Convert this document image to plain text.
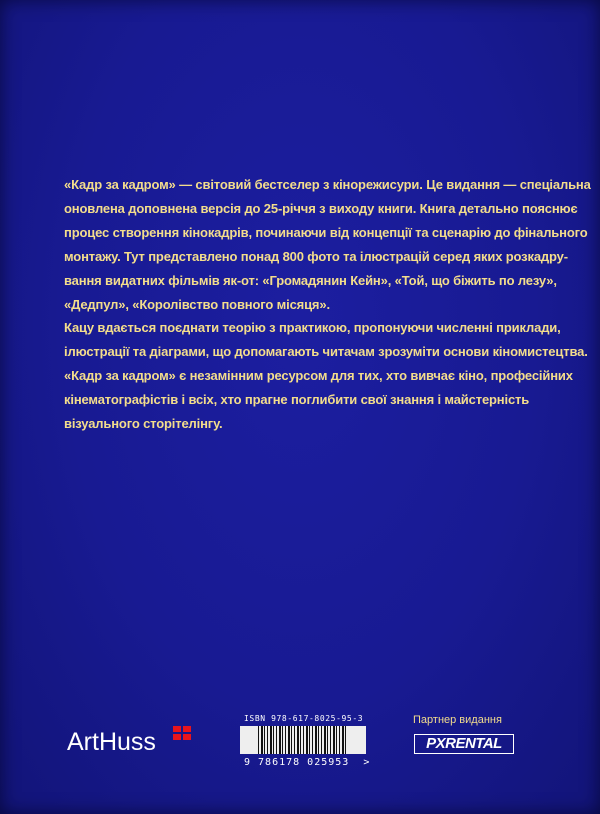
«Кадр за кадром» — світовий бестселер з кінорежисури. Це видання — спеціальна
оновлена доповнена версія до 25-річчя з виходу книги. Книга детально пояснює
процес створення кінокадрів, починаючи від концепції та сценарію до фінального
монтажу. Тут представлено понад 800 фото та ілюстрацій серед яких розкадру-
вання видатних фільмів як-от: «Громадянин Кейн», «Той, що біжить по лезу»,
«Дедпул», «Королівство повного місяця».
Кацу вдається поєднати теорію з практикою, пропонуючи численні приклади,
ілюстрації та діаграми, що допомагають читачам зрозуміти основи кіномистецтва.
«Кадр за кадром» є незамінним ресурсом для тих, хто вивчає кіно, професійних
кінематографістів і всіх, хто прагне поглибити свої знання і майстерність
візуального сторітелінгу.
ArtHuss
ISBN 978-617-8025-95-3
9 786178 025953  >
Партнер видання
PXRENTAL
